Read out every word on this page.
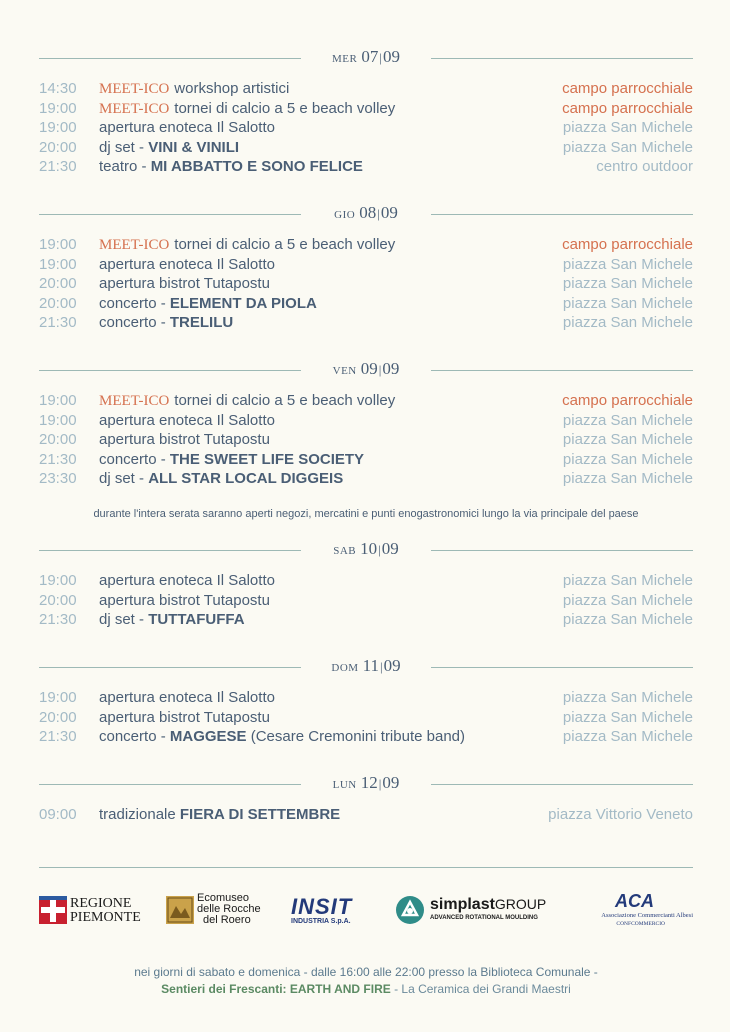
MER 07|09
14:30 MEET-ICO workshop artistici	campo parrocchiale
19:00 MEET-ICO tornei di calcio a 5 e beach volley	campo parrocchiale
19:00 apertura enoteca Il Salotto	piazza San Michele
20:00 dj set - VINI & VINILI	piazza San Michele
21:30 teatro - MI ABBATTO E SONO FELICE	centro outdoor
GIO 08|09
19:00 MEET-ICO tornei di calcio a 5 e beach volley	campo parrocchiale
19:00 apertura enoteca Il Salotto	piazza San Michele
20:00 apertura bistrot Tutapostu	piazza San Michele
20:00 concerto - ELEMENT DA PIOLA	piazza San Michele
21:30 concerto - TRELILU	piazza San Michele
VEN 09|09
19:00 MEET-ICO tornei di calcio a 5 e beach volley	campo parrocchiale
19:00 apertura enoteca Il Salotto	piazza San Michele
20:00 apertura bistrot Tutapostu	piazza San Michele
21:30 concerto - THE SWEET LIFE SOCIETY	piazza San Michele
23:30 dj set - ALL STAR LOCAL DIGGEIS	piazza San Michele
SAB 10|09
19:00 apertura enoteca Il Salotto	piazza San Michele
20:00 apertura bistrot Tutapostu	piazza San Michele
21:30 dj set - TUTTAFUFFA	piazza San Michele
DOM 11|09
19:00 apertura enoteca Il Salotto	piazza San Michele
20:00 apertura bistrot Tutapostu	piazza San Michele
21:30 concerto - MAGGESE (Cesare Cremonini tribute band)	piazza San Michele
LUN 12|09
09:00 tradizionale FIERA DI SETTEMBRE	piazza Vittorio Veneto
durante l'intera serata saranno aperti negozi, mercatini e punti enogastronomici lungo la via principale del paese
REGIONE
PIEMONTE
Ecomuseo
delle Rocche
del Roero
INSIT
INDUSTRIA S.p.A.
simplastGROUP
ADVANCED ROTATIONAL MOULDING
ACA
Associazione Commercianti Albesi
CONFCOMMERCIO
nei giorni di sabato e domenica - dalle 16:00 alle 22:00 presso la Biblioteca Comunale -
Sentieri dei Frescanti: EARTH AND FIRE - La Ceramica dei Grandi Maestri
